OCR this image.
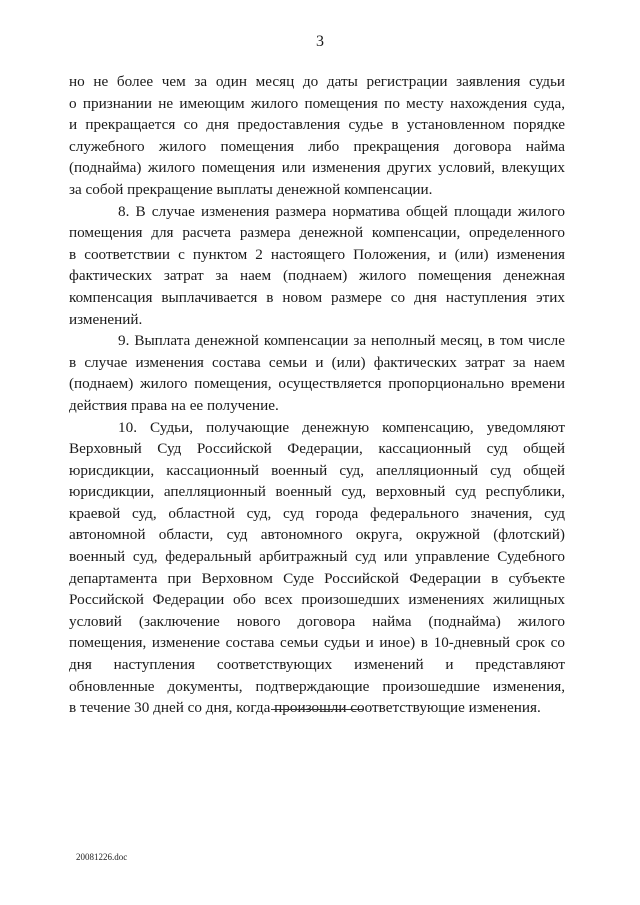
3
но не более чем за один месяц до даты регистрации заявления судьи
о признании не имеющим жилого помещения по месту нахождения суда,
и прекращается со дня предоставления судье в установленном порядке
служебного жилого помещения либо прекращения договора найма
(поднайма) жилого помещения или изменения других условий, влекущих
за собой прекращение выплаты денежной компенсации.
8. В случае изменения размера норматива общей площади жилого
помещения для расчета размера денежной компенсации, определенного
в соответствии с пунктом 2 настоящего Положения, и (или) изменения
фактических затрат за наем (поднаем) жилого помещения денежная
компенсация выплачивается в новом размере со дня наступления этих
изменений.
9. Выплата денежной компенсации за неполный месяц, в том числе
в случае изменения состава семьи и (или) фактических затрат за наем
(поднаем) жилого помещения, осуществляется пропорционально времени
действия права на ее получение.
10. Судьи, получающие денежную компенсацию, уведомляют
Верховный Суд Российской Федерации, кассационный суд общей
юрисдикции, кассационный военный суд, апелляционный суд общей
юрисдикции, апелляционный военный суд, верховный суд республики,
краевой суд, областной суд, суд города федерального значения, суд
автономной области, суд автономного округа, окружной (флотский)
военный суд, федеральный арбитражный суд или управление Судебного
департамента при Верховном Суде Российской Федерации в субъекте
Российской Федерации обо всех произошедших изменениях жилищных
условий (заключение нового договора найма (поднайма) жилого
помещения, изменение состава семьи судьи и иное) в 10-дневный срок со
дня наступления соответствующих изменений и представляют
обновленные документы, подтверждающие произошедшие изменения,
в течение 30 дней со дня, когда произошли соответствующие изменения.
20081226.doc
